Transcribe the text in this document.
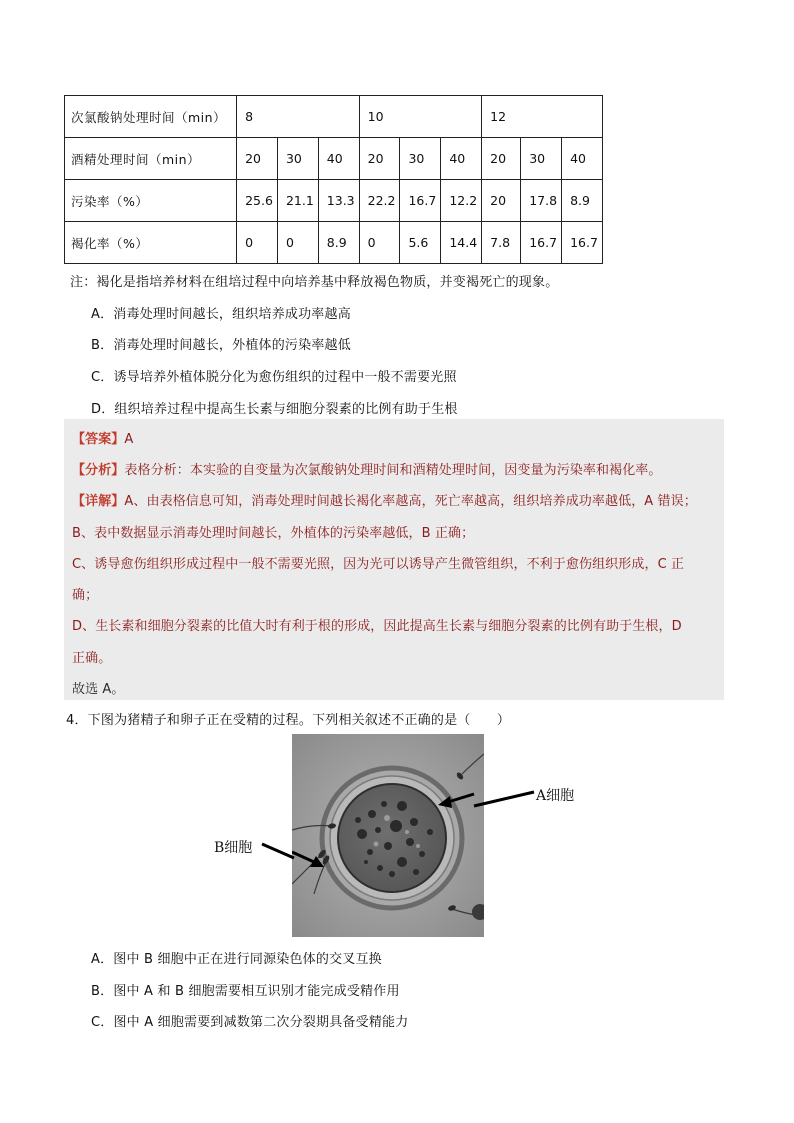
次氯酸钠处理时间（min）	8			10			12		
酒精处理时间（min）	20	30	40	20	30	40	20	30	40
污染率（%）	25.6	21.1	13.3	22.2	16.7	12.2	20	17.8	8.9
褐化率（%）	0	0	8.9	0	5.6	14.4	7.8	16.7	16.7
注：褐化是指培养材料在组培过程中向培养基中释放褐色物质，并变褐死亡的现象。
A．消毒处理时间越长，组织培养成功率越高
B．消毒处理时间越长，外植体的污染率越低
C．诱导培养外植体脱分化为愈伤组织的过程中一般不需要光照
D．组织培养过程中提高生长素与细胞分裂素的比例有助于生根
【答案】A
【分析】表格分析：本实验的自变量为次氯酸钠处理时间和酒精处理时间，因变量为污染率和褐化率。
【详解】A、由表格信息可知，消毒处理时间越长褐化率越高，死亡率越高，组织培养成功率越低，A 错误；
B、表中数据显示消毒处理时间越长，外植体的污染率越低，B 正确；
C、诱导愈伤组织形成过程中一般不需要光照，因为光可以诱导产生微管组织，不利于愈伤组织形成，C 正
确；
D、生长素和细胞分裂素的比值大时有利于根的形成，因此提高生长素与细胞分裂素的比例有助于生根，D
正确。
故选 A。
4．下图为猪精子和卵子正在受精的过程。下列相关叙述不正确的是（　　）
A细胞
B细胞
A．图中 B 细胞中正在进行同源染色体的交叉互换
B．图中 A 和 B 细胞需要相互识别才能完成受精作用
C．图中 A 细胞需要到减数第二次分裂期具备受精能力
